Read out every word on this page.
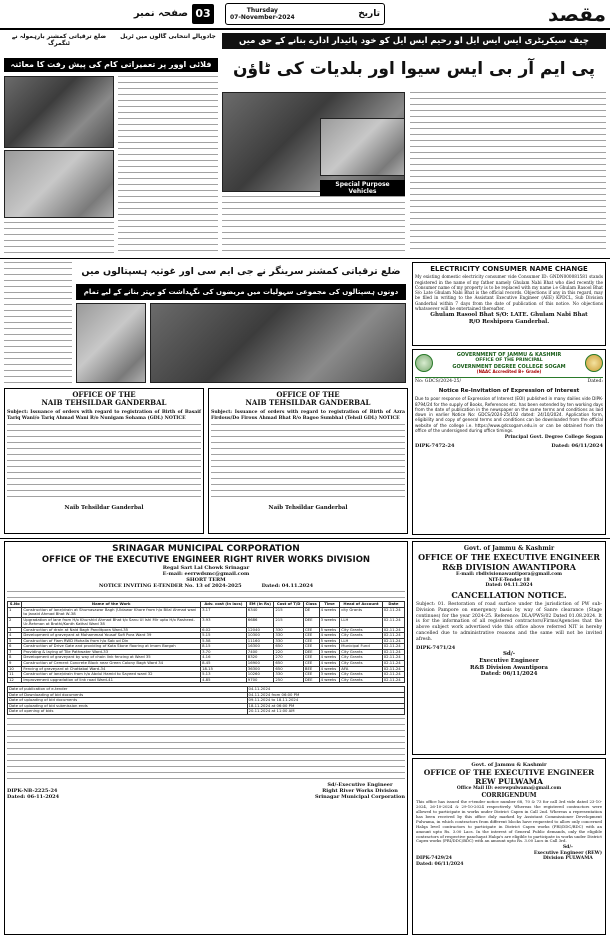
03
صفحہ نمبر	Thursday
07-November-2024	تاریخ	مقصد
چیف سیکریٹری ایس ایس ایل او رحیم ایس ایل کو خود پائیدار ادارے بنانے کے حق میں
پی ایم آر بی ایس سیوا اور بلدیات کی ٹاؤن
Special Purpose Vehicles
ضلع ترقیاتی کمشنر بارہمولہ نے ٹنگمرگ
جادوپالے انتخابی گالوں میں ٹریل
فلائی اوور پر تعمیراتی کام کی پیش رفت کا معائنہ
ضلع ترقیاتی کمشنر سرینگر نے جی ایم سی اور غوثیہ ہسپتالوں میں
دونوں ہسپتالوں کی مجموعی سہولیات میں مریضوں کی نگہداشت کو بہتر بنانے کے لیے تمام
OFFICE OF THE
NAIB TEHSILDAR GANDERBAL
Subject: Issuance of orders with regard to registration of Birth of Basaif Tariq Wani/o Tariq Ahmad Wani R/o Nunigam Sohama (GDL) NOTICE
Naib Tehsildar Ganderbal
OFFICE OF THE
NAIB TEHSILDAR GANDERBAL
Subject: Issuance of orders with regard to registration of Birth of Azra Firdous/Do Firous Ahmad Bhat R/o Bagoo Sumbhal (Tehsil GDL) NOTICE
Naib Tehsildar Ganderbal
ELECTRICITY CONSUMER NAME CHANGE
My existing domestic electricity consumer vide Consumer ID: GNDN000081581 stands registered in the name of my father namely Ghulam Nabi Bhat who died recently the Consumer name of my property is to be replaced with my name i.e Ghulam Rasool Bhat S/o Late Ghulam Nabi Bhat is the official records. Objections if any in this regard, may be filed in writing to the Assistant Executive Engineer (AEE) KPDCL, Sub Division Ganderbal within 7 days from the date of publication of this notice. No objections whatsoever will be entertained thereafter.
Ghulam Rasool Bhat S/O: LATE. Ghulam Nabi Bhat
R/O Reshipora Ganderbal.
GOVERNMENT OF JAMMU & KASHMIR
OFFICE OF THE PRINCIPAL
GOVERNMENT DEGREE COLLEGE SOGAM
(NAAC Accredited B+ Grade)
No: GDCS/2024-25/	Dated:
Notice Re-Invitation of Expression of Interest
Due to poor response of Expression of Interest (EOI) published in many dailies vide DIPK-8794/24 for the supply of Books, References etc. has been extended by ten working days from the date of publication in the newspaper on the same terms and conditions as laid down in earlier Notice No: GDCS/2024-25/102 dated: 24/10/2024. Application form, eligibility and copy of general terms and conditions can be downloaded from the official website of the college i.e. https://www.gdcsogam.edu.in or can be obtained from the office of the undersigned during office timings.
Principal Govt. Degree College Sogam
DIPK-7472-24	Dated: 06/11/2024
SRINAGAR MUNICIPAL CORPORATION
OFFICE OF THE EXECUTIVE ENGINEER RIGHT RIVER WORKS DIVISION
Regal Sart Lal Chowk Srinagar
E-mail: eerrwdsmc@gmail.com
SHORT TERM
NOTICE INVITING E-TENDER No. 13 of 2024-2025	Dated: 04.11.2024
S.No	Name of the Work	Adv. cost (In lacs)	EM (In Rs)	Cost of T/D	Class	Time	Head of Account	Date
1	Construction of lane/drain at Shumasawar Bagh (Uldawar Khore from h/o Bilal Ahmad wani to Javaid Ahmad Bhat W-38	3.17	6340	215	DE	4 weeks	city Grants	02.11.24
2	Upgradation of lane from H/o Khurshid Ahmad Bhat t/o Sanu Ul Ishi Mir upto H/o Rasheed-Ur-Rehman at Brathi/Kanth Kathal Ward 38	3.93	6686	215	DEE	3 weeks	LLH	02.11.24
3	Construction of drain at Naid Bagh Panditpora Ward-35	6.02	12040	330	CEE	5 weeks	City Grants	02.11.24
4	Development of graveyard at Mohammad Yousaf Sofi Pora Ward 39	5.15	10300	330	CEE	4 weeks	City Grants	02.11.24
5	Construction of Fiam RWD Mohalla from h/o Sab ud Din	5.58	11160	330	CEE	5 weeks	LLH	02.11.24
6	Construction of Drive Gate and providing of Kota Stone flooring at Imam Bargah	8.15	16300	650	CEE	4 weeks	Municipal Fund	02.11.24
7	Providing & laying of Tile Pathwater Ward-33	3.70	7400	220	DEE	3 weeks	City Grants	02.11.24
8	Development of graveyard by way of chain link fencing at Ward 35	4.16	8320	270	CEE	4 weeks	City Grants	02.11.24
9	Construction of Cement Concrete Block near Green Colony Bagh Ward 34	8.45	16900	650	CEE	4 weeks	City Grants	02.11.24
10	Fencing of graveyard at Chattabal Ward-34	18.15	36300	650	BEE	4 weeks	AFA	02.11.24
11	Construction of lane/drain from h/o Abdul Hamid to Sayeed ward 32	5.13	10260	330	CEE	3 weeks	City Grants	02.11.24
12	Improvement upgradation of link road Ward-41	4.85	9700	250	DEE	4 weeks	City Grants	02.11.24
Date of publication of e-tender	04.11.2024
Date of Downloading of bid documents	04.11.2024 from 06:00 PM
Date of uploading of bid documents	09.11.2024 to 18.11.2024
Date of uploading of bid submission ends	18.11.2024 at 06:00 PM
Date of opening of bids	20.11.2024 at 11:00 AM
DIPK-NB-2225-24
Dated: 06-11-2024
Sd/-Executive Engineer
Right River Works Division
Srinagar Municipal Corporation
Govt. of Jammu & Kashmir
OFFICE OF THE EXECUTIVE ENGINEER R&B DIVISION AWANTIPORA
E-mail: rbdivisionawantipora@gmail.com
NIT-E-Tender 18
Dated: 04.11.2024
CANCELLATION NOTICE.
Subject: 01. Restoration of road surface under the jurisdiction of PW sub-Division Pampore on emergency basis by way of Sanre clearance (Stage continues) for the year 2024-25. Reference: DLA/PWS/02 Dated 01.08.2024. It is for the information of all registered contractors/Firms/Agencies that the above subject work advertised vide this office above referred NIT is hereby cancelled due to administrative reasons and the same will not be invited afresh.
DIPK-7471/24
Sd/-
Executive Engineer
R&B Division Awantipora
Dated: 06/11/2024
Govt. of Jammu & Kashmir
OFFICE OF THE EXECUTIVE ENGINEER REW PULWAMA
Office Mail ID: eerewpulwama@gmail.com
CORRIGENDUM
This office has issued the e-tender notice number 68, 70 & 73 for call 3rd vide dated 23-10-2024, 26-10-2024 & 29-10-2024 respectively. Whereas the registered contractors were allowed to participate in works under District Capex in Call 2nd. Whereas a representation has been received by this office duly marked by Assistant Commissioner Development Pulwama, in which contractors from different blocks have requested to allow only concerned Halqa level contractors to participate in District Capex works (PRI/DDC/BDC) with an amount upto Rs. 3.00 Lacs. In the interest of General Public demands, only the eligible contractors of respective panchayat Halqa's are eligible to participate in works under District Capex works (PRI/DDC/BDC) with an amount upto Rs. 3.00 Lacs in Call 3rd.
DIPK-7429/24
Sd/-
Executive Engineer (REW)
Division PULWAMA
Dated: 06/11/2024
